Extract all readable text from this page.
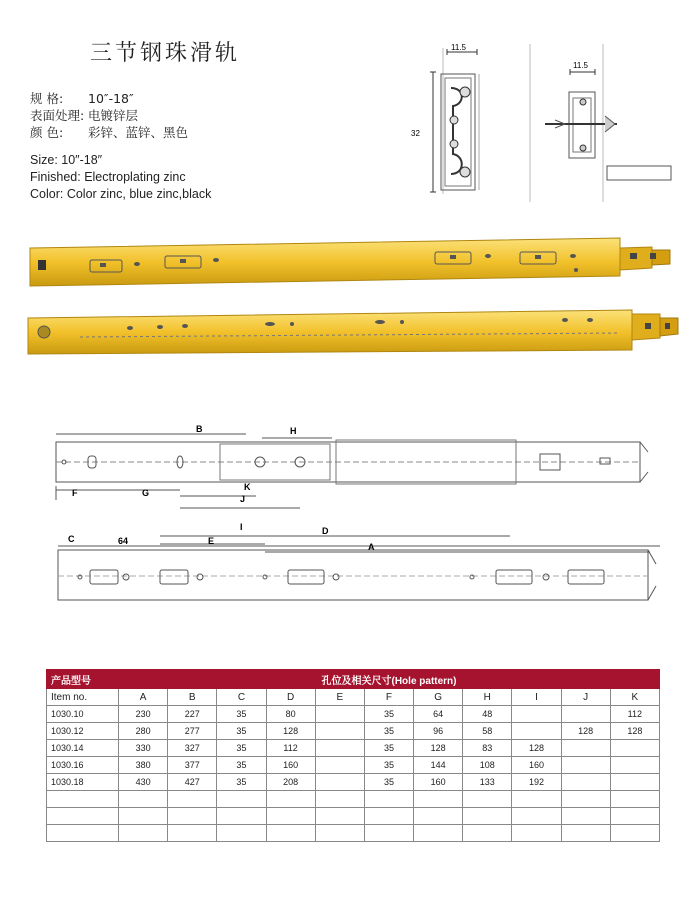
三节钢珠滑轨
规 格: 10″-18″
表面处理: 电镀锌层
颜 色: 彩锌、蓝锌、黑色
Size: 10″-18″
Finished: Electroplating zinc
Color: Color zinc, blue zinc,black
11.5
32
11.5
B	H
F	G
K
J
C	64
I	D
E
A
产品型号	孔位及相关尺寸(Hole pattern)										
Item no.	A	B	C	D	E	F	G	H	I	J	K
1030.10	230	227	35	80		35	64	48			112
1030.12	280	277	35	128		35	96	58		128	128
1030.14	330	327	35	112		35	128	83	128		
1030.16	380	377	35	160		35	144	108	160		
1030.18	430	427	35	208		35	160	133	192		
